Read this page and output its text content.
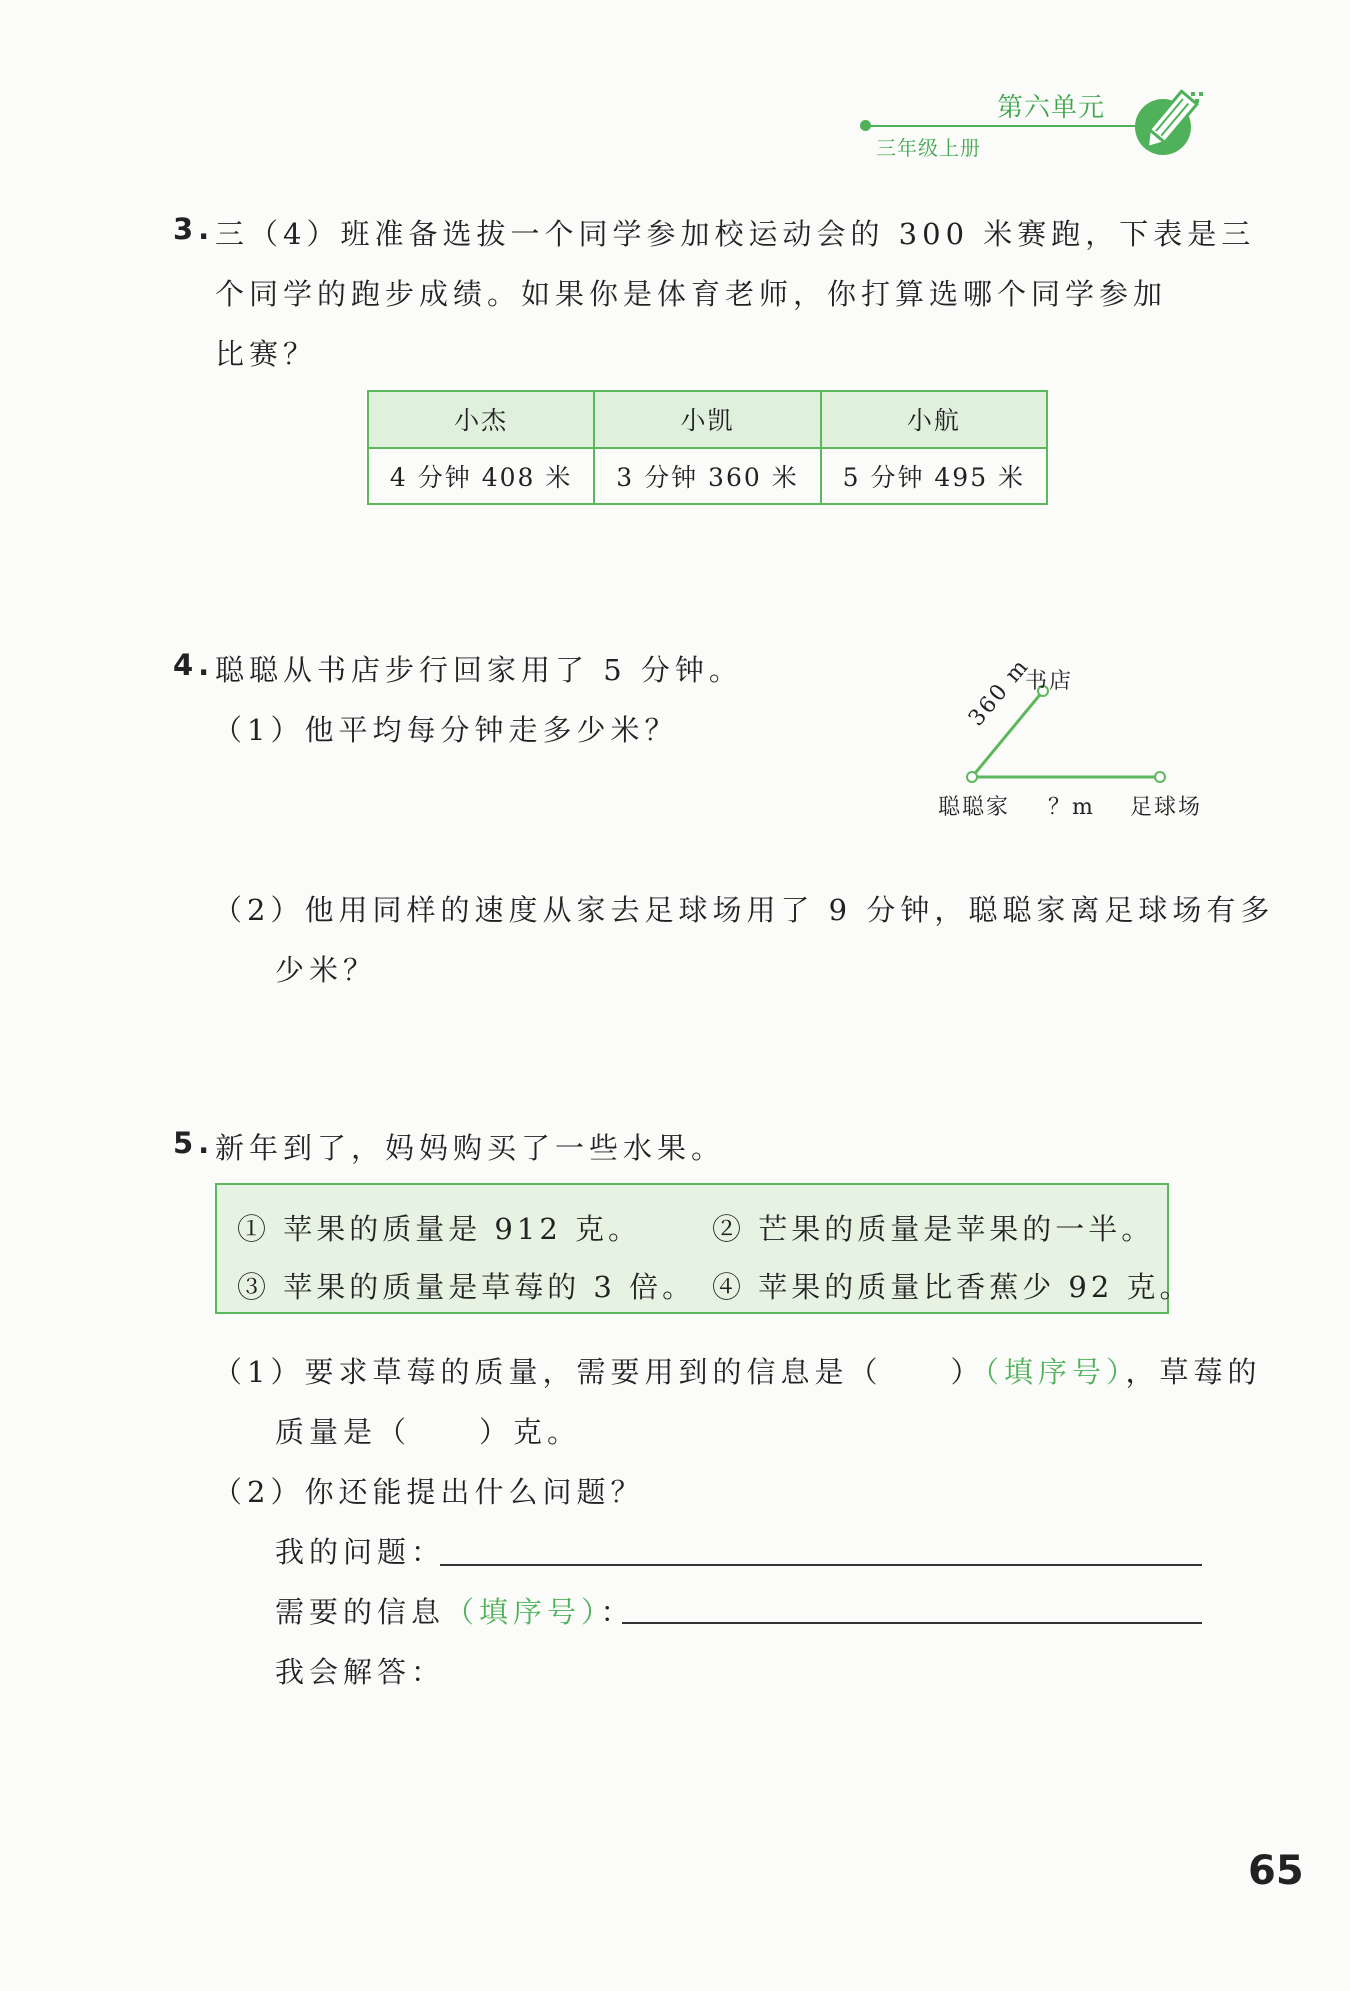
第六单元
三年级上册
3. 三（4）班准备选拔一个同学参加校运动会的 300 米赛跑，下表是三
个同学的跑步成绩。如果你是体育老师，你打算选哪个同学参加
比赛？
小杰	小凯	小航
4 分钟 408 米	3 分钟 360 米	5 分钟 495 米
4. 聪聪从书店步行回家用了 5 分钟。
（1）他平均每分钟走多少米？
书店
360 m
聪聪家 ？m 足球场
（2）他用同样的速度从家去足球场用了 9 分钟，聪聪家离足球场有多
少米？
5. 新年到了，妈妈购买了一些水果。
① 苹果的质量是 912 克。 ② 芒果的质量是苹果的一半。
③ 苹果的质量是草莓的 3 倍。 ④ 苹果的质量比香蕉少 92 克。
（1）要求草莓的质量，需要用到的信息是（　　）（填序号），草莓的
质量是（　　）克。
（2）你还能提出什么问题？
我的问题：
需要的信息（填序号）：
我会解答：
65
